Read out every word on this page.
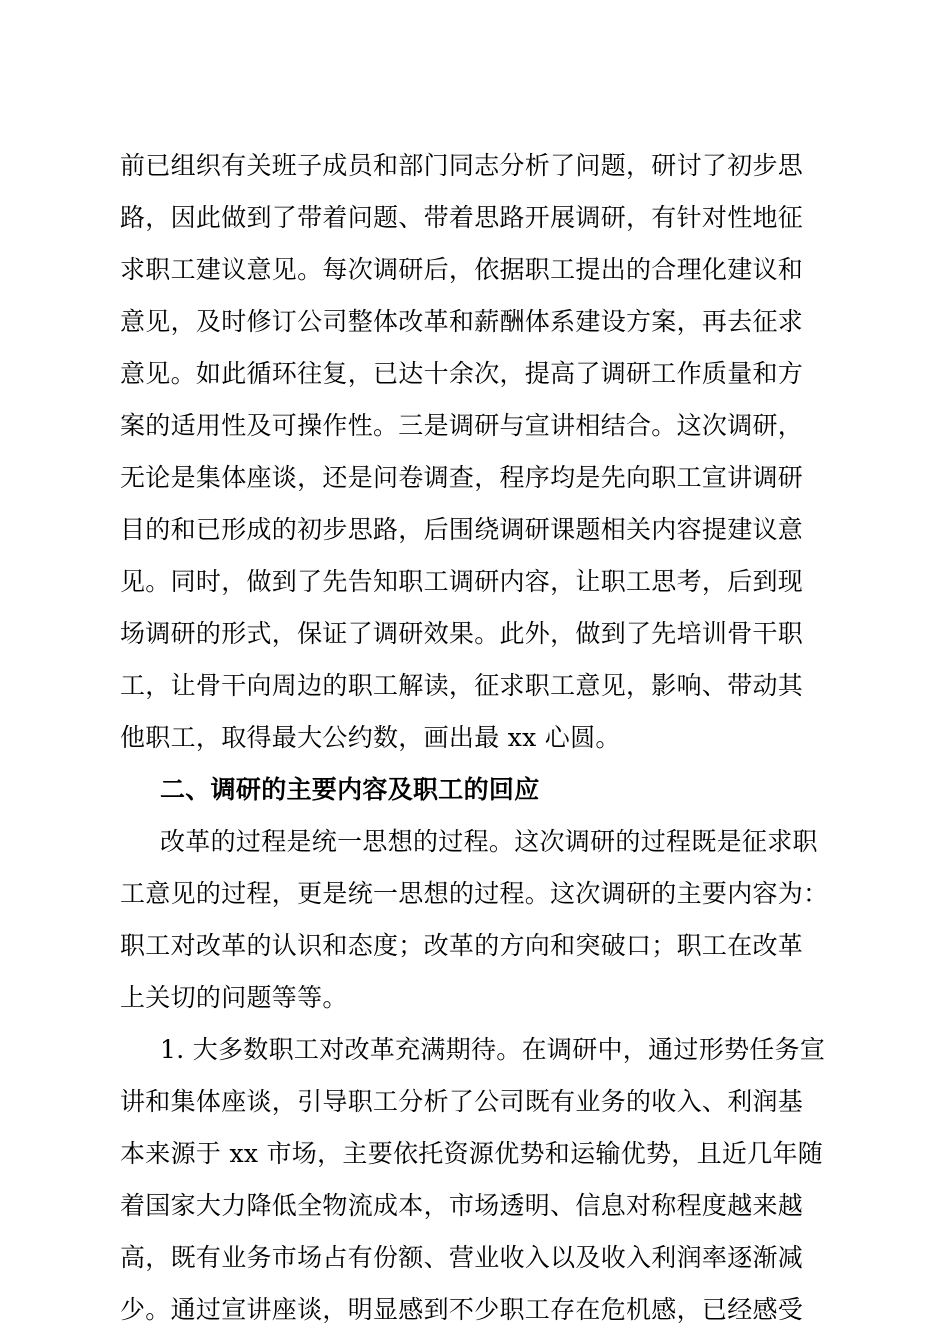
前已组织有关班子成员和部门同志分析了问题，研讨了初步思
路，因此做到了带着问题、带着思路开展调研，有针对性地征
求职工建议意见。每次调研后，依据职工提出的合理化建议和
意见，及时修订公司整体改革和薪酬体系建设方案，再去征求
意见。如此循环往复，已达十余次，提高了调研工作质量和方
案的适用性及可操作性。三是调研与宣讲相结合。这次调研，
无论是集体座谈，还是问卷调查，程序均是先向职工宣讲调研
目的和已形成的初步思路，后围绕调研课题相关内容提建议意
见。同时，做到了先告知职工调研内容，让职工思考，后到现
场调研的形式，保证了调研效果。此外，做到了先培训骨干职
工，让骨干向周边的职工解读，征求职工意见，影响、带动其
他职工，取得最大公约数，画出最 xx 心圆。
二、调研的主要内容及职工的回应
改革的过程是统一思想的过程。这次调研的过程既是征求职
工意见的过程，更是统一思想的过程。这次调研的主要内容为：
职工对改革的认识和态度；改革的方向和突破口；职工在改革
上关切的问题等等。
1. 大多数职工对改革充满期待。在调研中，通过形势任务宣
讲和集体座谈，引导职工分析了公司既有业务的收入、利润基
本来源于 xx 市场，主要依托资源优势和运输优势，且近几年随
着国家大力降低全物流成本，市场透明、信息对称程度越来越
高，既有业务市场占有份额、营业收入以及收入利润率逐渐减
少。通过宣讲座谈，明显感到不少职工存在危机感，已经感受
